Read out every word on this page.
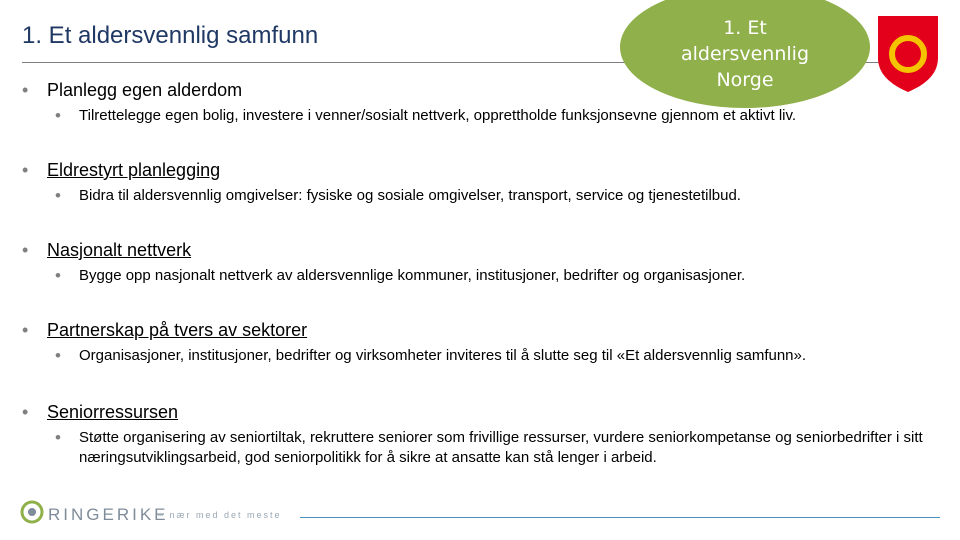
1. Et aldersvennlig samfunn	1. Et aldersvennlig Norge
• Planlegg egen alderdom
• Tilrettelegge egen bolig, investere i venner/sosialt nettverk, opprettholde funksjonsevne gjennom et aktivt liv.
• Eldrestyrt planlegging
• Bidra til aldersvennlig omgivelser: fysiske og sosiale omgivelser, transport, service og tjenestetilbud.
• Nasjonalt nettverk
• Bygge opp nasjonalt nettverk av aldersvennlige kommuner, institusjoner, bedrifter og organisasjoner.
• Partnerskap på tvers av sektorer
• Organisasjoner, institusjoner, bedrifter og virksomheter inviteres til å slutte seg til «Et aldersvennlig samfunn».
• Seniorressursen
• Støtte organisering av seniortiltak, rekruttere seniorer som frivillige ressurser, vurdere seniorkompetanse og seniorbedrifter i sitt næringsutviklingsarbeid, god seniorpolitikk for å sikre at ansatte kan stå lenger i arbeid.
RINGERIKE
– nær med det meste
